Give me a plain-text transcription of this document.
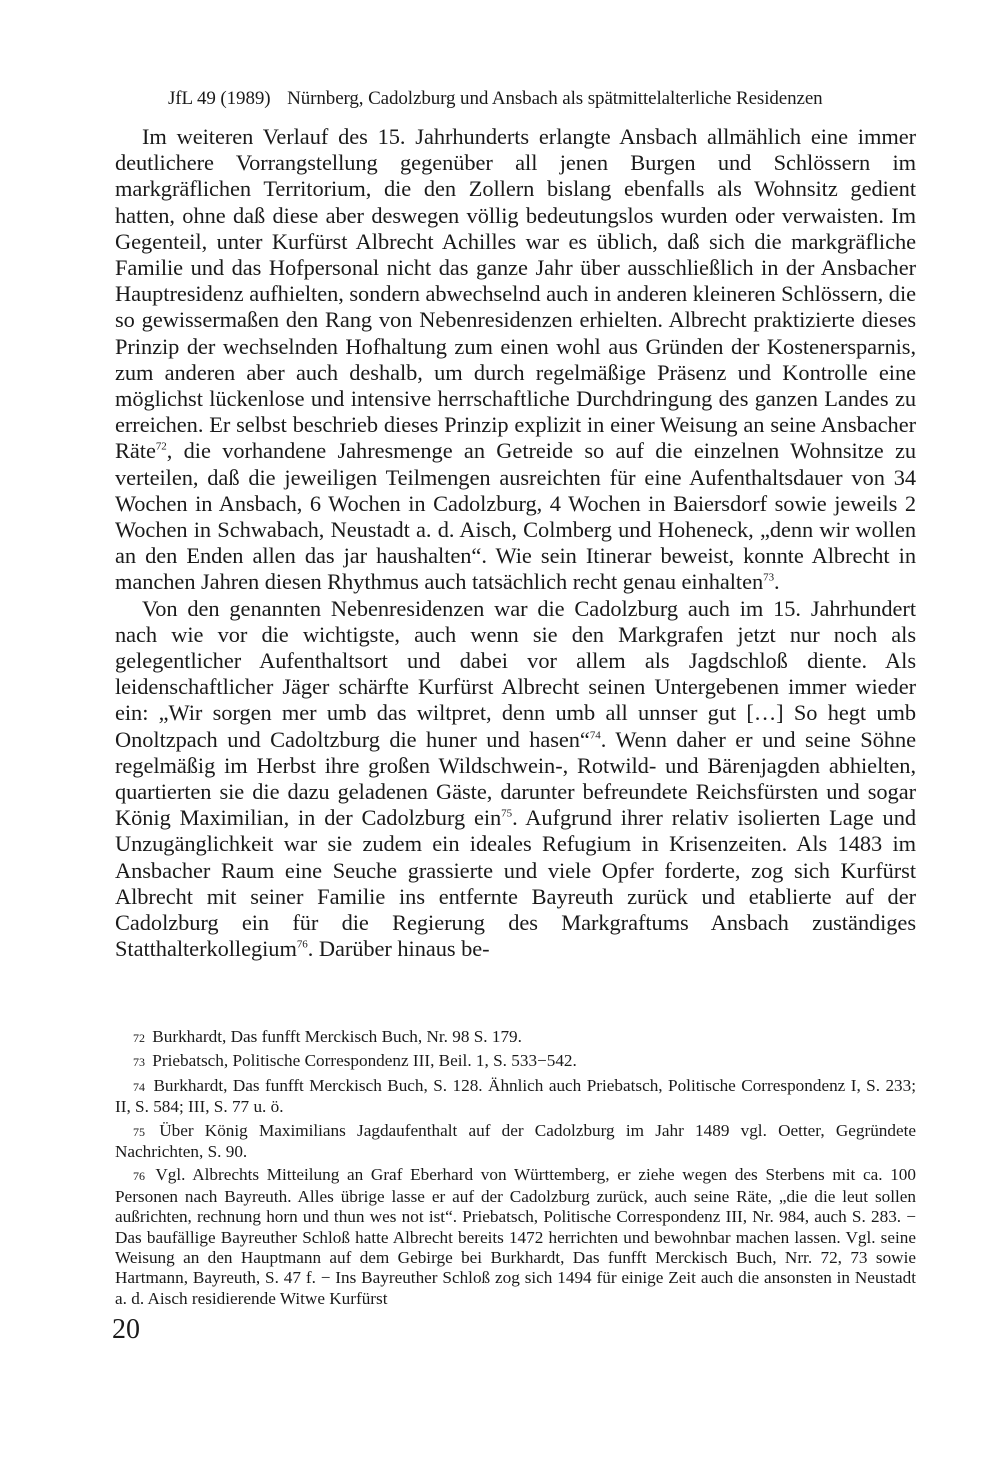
JfL 49 (1989) Nürnberg, Cadolzburg und Ansbach als spätmittelalterliche Residenzen

Im weiteren Verlauf des 15. Jahrhunderts erlangte Ansbach allmählich eine immer deutlichere Vorrangstellung gegenüber all jenen Burgen und Schlössern im markgräflichen Territorium, die den Zollern bislang ebenfalls als Wohnsitz gedient hatten, ohne daß diese aber deswegen völlig bedeutungslos wurden oder verwaisten. Im Gegenteil, unter Kurfürst Albrecht Achilles war es üblich, daß sich die markgräfliche Familie und das Hofpersonal nicht das ganze Jahr über ausschließlich in der Ansbacher Hauptresidenz aufhielten, sondern abwechselnd auch in anderen kleineren Schlössern, die so gewissermaßen den Rang von Nebenresidenzen erhielten. Albrecht praktizierte dieses Prinzip der wechselnden Hofhaltung zum einen wohl aus Gründen der Kostenersparnis, zum anderen aber auch deshalb, um durch regelmäßige Präsenz und Kontrolle eine möglichst lückenlose und intensive herrschaftliche Durchdringung des ganzen Landes zu erreichen. Er selbst beschrieb dieses Prinzip explizit in einer Weisung an seine Ansbacher Räte$^{72}$, die vorhandene Jahresmenge an Getreide so auf die einzelnen Wohnsitze zu verteilen, daß die jeweiligen Teilmengen ausreichten für eine Aufenthaltsdauer von 34 Wochen in Ansbach, 6 Wochen in Cadolzburg, 4 Wochen in Baiersdorf sowie jeweils 2 Wochen in Schwabach, Neustadt a. d. Aisch, Colmberg und Hoheneck, „denn wir wollen an den Enden allen das jar haushalten“. Wie sein Itinerar beweist, konnte Albrecht in manchen Jahren diesen Rhythmus auch tatsächlich recht genau einhalten$^{73}$.

Von den genannten Nebenresidenzen war die Cadolzburg auch im 15. Jahrhundert nach wie vor die wichtigste, auch wenn sie den Markgrafen jetzt nur noch als gelegentlicher Aufenthaltsort und dabei vor allem als Jagdschloß diente. Als leidenschaftlicher Jäger schärfte Kurfürst Albrecht seinen Untergebenen immer wieder ein: „Wir sorgen mer umb das wiltpret, denn umb all unnser gut […] So hegt umb Onoltzpach und Cadoltzburg die huner und hasen“$^{74}$. Wenn daher er und seine Söhne regelmäßig im Herbst ihre großen Wildschwein-, Rotwild- und Bärenjagden abhielten, quartierten sie die dazu geladenen Gäste, darunter befreundete Reichsfürsten und sogar König Maximilian, in der Cadolzburg ein$^{75}$. Aufgrund ihrer relativ isolierten Lage und Unzugänglichkeit war sie zudem ein ideales Refugium in Krisenzeiten. Als 1483 im Ansbacher Raum eine Seuche grassierte und viele Opfer forderte, zog sich Kurfürst Albrecht mit seiner Familie ins entfernte Bayreuth zurück und etablierte auf der Cadolzburg ein für die Regierung des Markgraftums Ansbach zuständiges Statthalterkollegium$^{76}$. Darüber hinaus be-

72 Burkhardt, Das funfft Merckisch Buch, Nr. 98 S. 179.

73 Priebatsch, Politische Correspondenz III, Beil. 1, S. 533−542.

74 Burkhardt, Das funfft Merckisch Buch, S. 128. Ähnlich auch Priebatsch, Politische Correspondenz I, S. 233; II, S. 584; III, S. 77 u. ö.

75 Über König Maximilians Jagdaufenthalt auf der Cadolzburg im Jahr 1489 vgl. Oetter, Gegründete Nachrichten, S. 90.

76 Vgl. Albrechts Mitteilung an Graf Eberhard von Württemberg, er ziehe wegen des Sterbens mit ca. 100 Personen nach Bayreuth. Alles übrige lasse er auf der Cadolzburg zurück, auch seine Räte, „die die leut sollen außrichten, rechnung horn und thun wes not ist“. Priebatsch, Politische Correspondenz III, Nr. 984, auch S. 283. − Das baufällige Bayreuther Schloß hatte Albrecht bereits 1472 herrichten und bewohnbar machen lassen. Vgl. seine Weisung an den Hauptmann auf dem Gebirge bei Burkhardt, Das funfft Merckisch Buch, Nrr. 72, 73 sowie Hartmann, Bayreuth, S. 47 f. − Ins Bayreuther Schloß zog sich 1494 für einige Zeit auch die ansonsten in Neustadt a. d. Aisch residierende Witwe Kurfürst

20
